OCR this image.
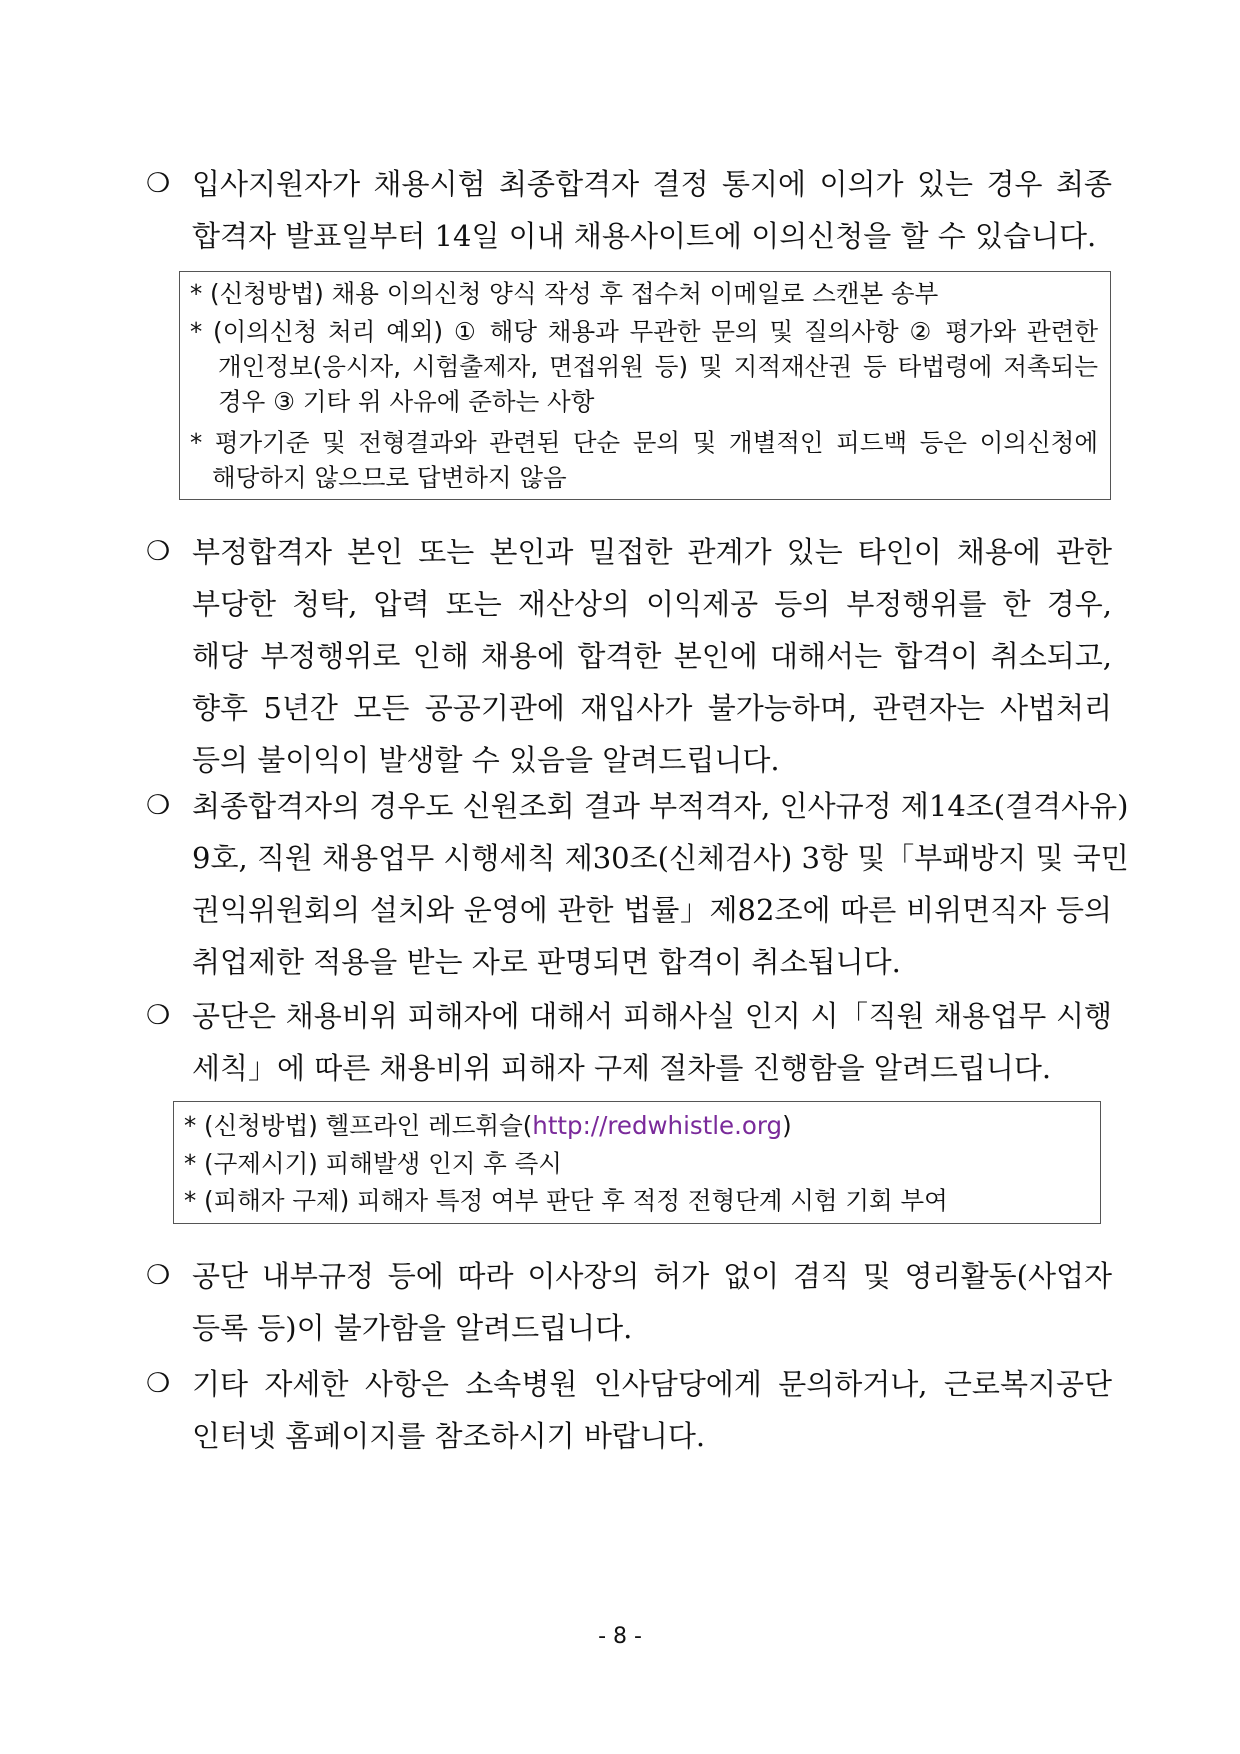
❍ 입사지원자가 채용시험 최종합격자 결정 통지에 이의가 있는 경우 최종
합격자 발표일부터 14일 이내 채용사이트에 이의신청을 할 수 있습니다.
* (신청방법) 채용 이의신청 양식 작성 후 접수처 이메일로 스캔본 송부
* (이의신청 처리 예외) ① 해당 채용과 무관한 문의 및 질의사항 ② 평가와 관련한
개인정보(응시자, 시험출제자, 면접위원 등) 및 지적재산권 등 타법령에 저촉되는
경우 ③ 기타 위 사유에 준하는 사항
* 평가기준 및 전형결과와 관련된 단순 문의 및 개별적인 피드백 등은 이의신청에
해당하지 않으므로 답변하지 않음
❍ 부정합격자 본인 또는 본인과 밀접한 관계가 있는 타인이 채용에 관한
부당한 청탁, 압력 또는 재산상의 이익제공 등의 부정행위를 한 경우,
해당 부정행위로 인해 채용에 합격한 본인에 대해서는 합격이 취소되고,
향후 5년간 모든 공공기관에 재입사가 불가능하며, 관련자는 사법처리
등의 불이익이 발생할 수 있음을 알려드립니다.
❍ 최종합격자의 경우도 신원조회 결과 부적격자, 인사규정 제14조(결격사유)
9호, 직원 채용업무 시행세칙 제30조(신체검사) 3항 및「부패방지 및 국민
권익위원회의 설치와 운영에 관한 법률」제82조에 따른 비위면직자 등의
취업제한 적용을 받는 자로 판명되면 합격이 취소됩니다.
❍ 공단은 채용비위 피해자에 대해서 피해사실 인지 시「직원 채용업무 시행
세칙」에 따른 채용비위 피해자 구제 절차를 진행함을 알려드립니다.
* (신청방법) 헬프라인 레드휘슬(http://redwhistle.org)
* (구제시기) 피해발생 인지 후 즉시
* (피해자 구제) 피해자 특정 여부 판단 후 적정 전형단계 시험 기회 부여
❍ 공단 내부규정 등에 따라 이사장의 허가 없이 겸직 및 영리활동(사업자
등록 등)이 불가함을 알려드립니다.
❍ 기타 자세한 사항은 소속병원 인사담당에게 문의하거나, 근로복지공단
인터넷 홈페이지를 참조하시기 바랍니다.
- 8 -
